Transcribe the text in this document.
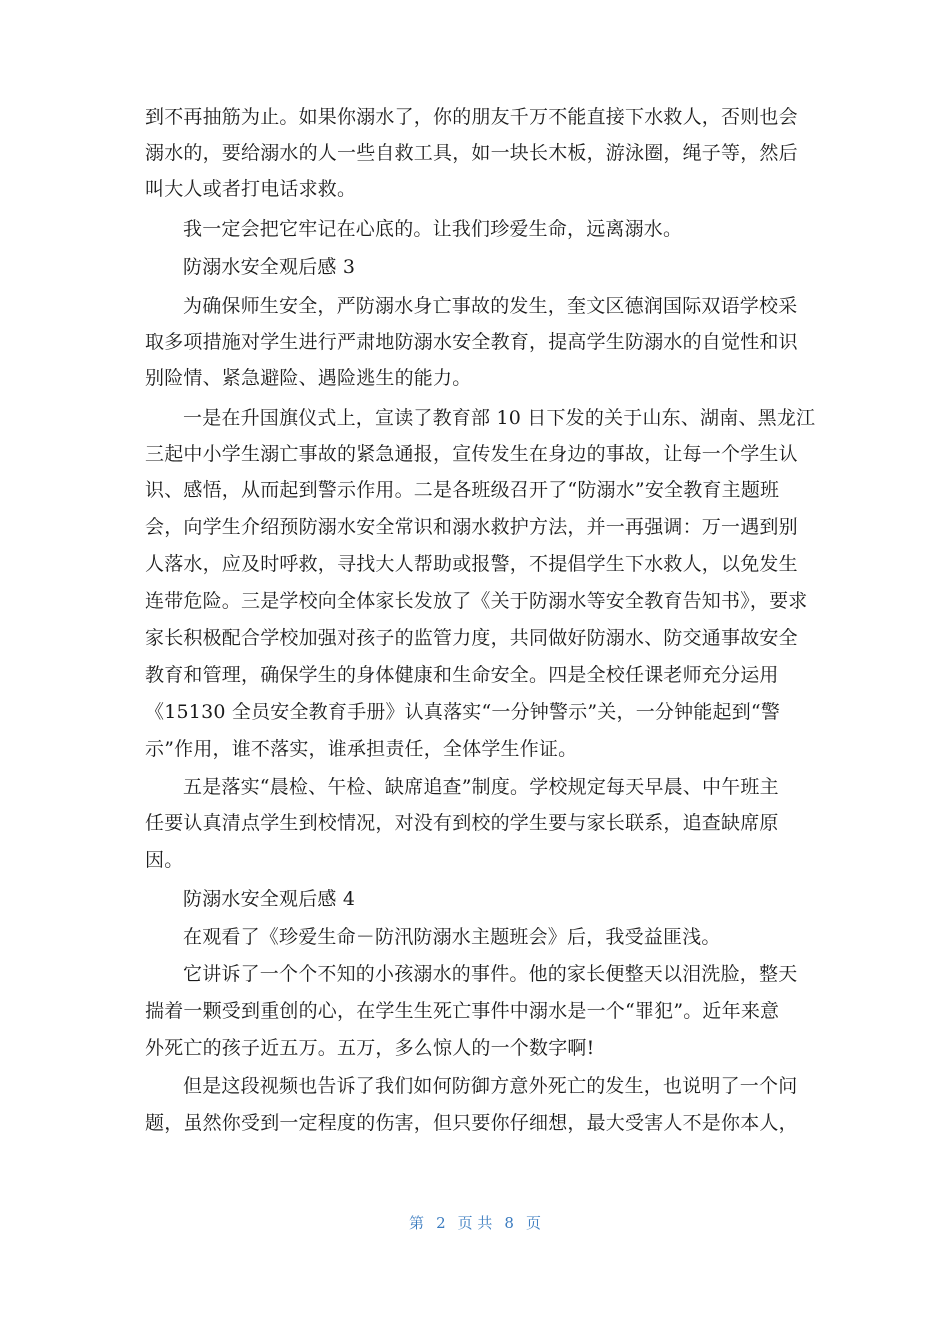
到不再抽筋为止。如果你溺水了，你的朋友千万不能直接下水救人，否则也会
溺水的，要给溺水的人一些自救工具，如一块长木板，游泳圈，绳子等，然后
叫大人或者打电话求救。
我一定会把它牢记在心底的。让我们珍爱生命，远离溺水。
防溺水安全观后感 3
为确保师生安全，严防溺水身亡事故的发生，奎文区德润国际双语学校采
取多项措施对学生进行严肃地防溺水安全教育，提高学生防溺水的自觉性和识
别险情、紧急避险、遇险逃生的能力。
一是在升国旗仪式上，宣读了教育部 10 日下发的关于山东、湖南、黑龙江
三起中小学生溺亡事故的紧急通报，宣传发生在身边的事故，让每一个学生认
识、感悟，从而起到警示作用。二是各班级召开了“防溺水”安全教育主题班
会，向学生介绍预防溺水安全常识和溺水救护方法，并一再强调：万一遇到别
人落水，应及时呼救，寻找大人帮助或报警，不提倡学生下水救人，以免发生
连带危险。三是学校向全体家长发放了《关于防溺水等安全教育告知书》，要求
家长积极配合学校加强对孩子的监管力度，共同做好防溺水、防交通事故安全
教育和管理，确保学生的身体健康和生命安全。四是全校任课老师充分运用
《15130 全员安全教育手册》认真落实“一分钟警示”关，一分钟能起到“警
示”作用，谁不落实，谁承担责任，全体学生作证。
五是落实“晨检、午检、缺席追查”制度。学校规定每天早晨、中午班主
任要认真清点学生到校情况，对没有到校的学生要与家长联系，追查缺席原
因。
防溺水安全观后感 4
在观看了《珍爱生命－防汛防溺水主题班会》后，我受益匪浅。
它讲诉了一个个不知的小孩溺水的事件。他的家长便整天以泪洗脸，整天
揣着一颗受到重创的心，在学生生死亡事件中溺水是一个“罪犯”。近年来意
外死亡的孩子近五万。五万，多么惊人的一个数字啊!
但是这段视频也告诉了我们如何防御方意外死亡的发生，也说明了一个问
题，虽然你受到一定程度的伤害，但只要你仔细想，最大受害人不是你本人，
第 2 页 共 8 页
